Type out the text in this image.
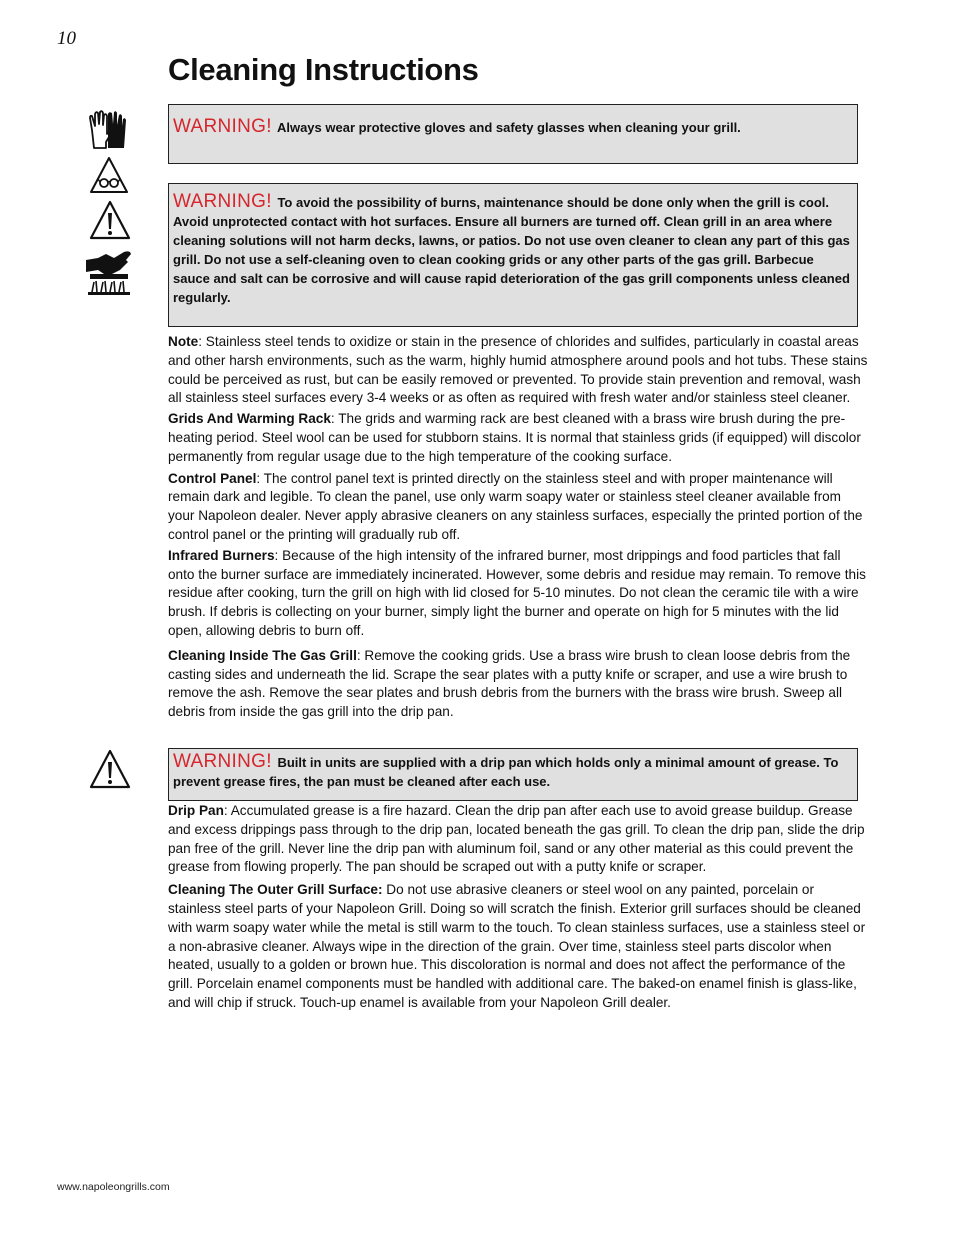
10
Cleaning Instructions
WARNING! Always wear protective gloves and safety glasses when cleaning your grill.
WARNING! To avoid the possibility of burns, maintenance should be done only when the grill is cool. Avoid unprotected contact with hot surfaces. Ensure all burners are turned off. Clean grill in an area where cleaning solutions will not harm decks, lawns, or patios. Do not use oven cleaner to clean any part of this gas grill. Do not use a self-cleaning oven to clean cooking grids or any other parts of the gas grill. Barbecue sauce and salt can be corrosive and will cause rapid deterioration of the gas grill components unless cleaned regularly.

Note: Stainless steel tends to oxidize or stain in the presence of chlorides and sulfides, particularly in coastal areas and other harsh environments, such as the warm, highly humid atmosphere around pools and hot tubs. These stains could be perceived as rust, but can be easily removed or prevented. To provide stain prevention and removal, wash all stainless steel surfaces every 3-4 weeks or as often as required with fresh water and/or stainless steel cleaner.

Grids And Warming Rack: The grids and warming rack are best cleaned with a brass wire brush during the pre-heating period. Steel wool can be used for stubborn stains. It is normal that stainless grids (if equipped) will discolor permanently from regular usage due to the high temperature of the cooking surface.

Control Panel: The control panel text is printed directly on the stainless steel and with proper maintenance will remain dark and legible. To clean the panel, use only warm soapy water or stainless steel cleaner available from your Napoleon dealer. Never apply abrasive cleaners on any stainless surfaces, especially the printed portion of the control panel or the printing will gradually rub off.

Infrared Burners: Because of the high intensity of the infrared burner, most drippings and food particles that fall onto the burner surface are immediately incinerated. However, some debris and residue may remain. To remove this residue after cooking, turn the grill on high with lid closed for 5-10 minutes. Do not clean the ceramic tile with a wire brush. If debris is collecting on your burner, simply light the burner and operate on high for 5 minutes with the lid open, allowing debris to burn off.

Cleaning Inside The Gas Grill: Remove the cooking grids. Use a brass wire brush to clean loose debris from the casting sides and underneath the lid. Scrape the sear plates with a putty knife or scraper, and use a wire brush to remove the ash. Remove the sear plates and brush debris from the burners with the brass wire brush. Sweep all debris from inside the gas grill into the drip pan.

WARNING! Built in units are supplied with a drip pan which holds only a minimal amount of grease. To prevent grease fires, the pan must be cleaned after each use.

Drip Pan: Accumulated grease is a fire hazard. Clean the drip pan after each use to avoid grease buildup. Grease and excess drippings pass through to the drip pan, located beneath the gas grill. To clean the drip pan, slide the drip pan free of the grill. Never line the drip pan with aluminum foil, sand or any other material as this could prevent the grease from flowing properly. The pan should be scraped out with a putty knife or scraper.

Cleaning The Outer Grill Surface: Do not use abrasive cleaners or steel wool on any painted, porcelain or stainless steel parts of your Napoleon Grill. Doing so will scratch the finish. Exterior grill surfaces should be cleaned with warm soapy water while the metal is still warm to the touch. To clean stainless surfaces, use a stainless steel or a non-abrasive cleaner. Always wipe in the direction of the grain. Over time, stainless steel parts discolor when heated, usually to a golden or brown hue. This discoloration is normal and does not affect the performance of the grill. Porcelain enamel components must be handled with additional care. The baked-on enamel finish is glass-like, and will chip if struck. Touch-up enamel is available from your Napoleon Grill dealer.

www.napoleongrills.com
